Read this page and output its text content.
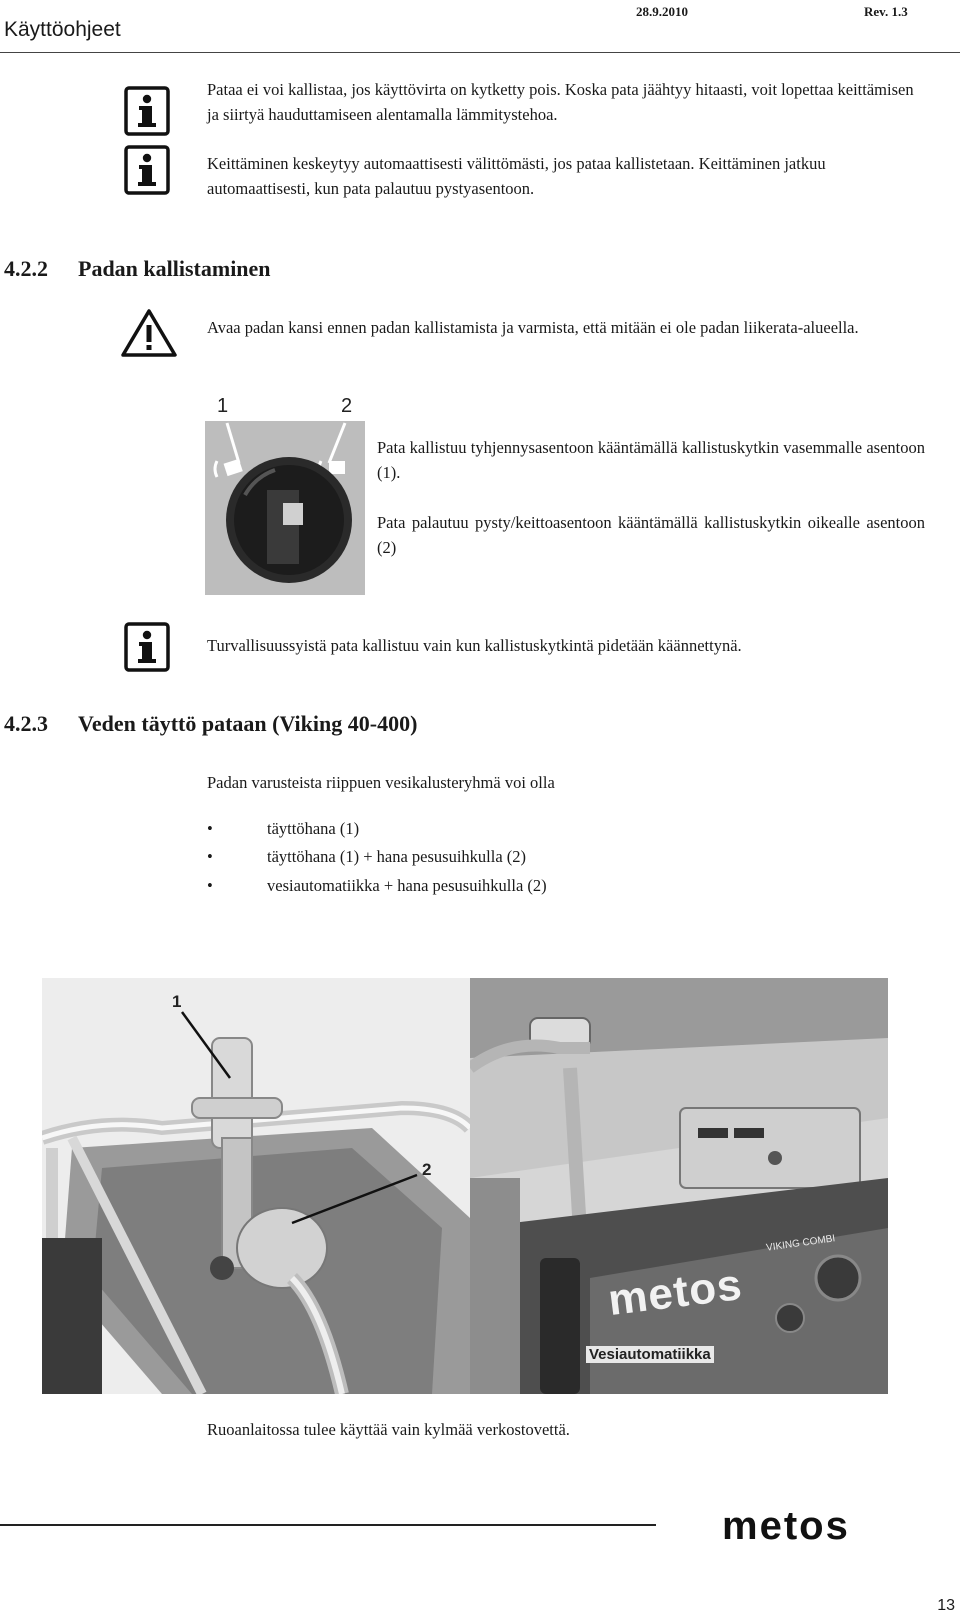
Käyttöohjeet
28.9.2010	Rev. 1.3
Pataa ei voi kallistaa, jos käyttövirta on kytketty pois. Koska pata jäähtyy hitaasti, voit lopettaa keittämisen ja siirtyä hauduttamiseen alentamalla lämmitystehoa.
Keittäminen keskeytyy automaattisesti välittömästi, jos pataa kallistetaan. Keittäminen jatkuu automaattisesti, kun pata palautuu pystyasentoon.
4.2.2 Padan kallistaminen
Avaa padan kansi ennen padan kallistamista ja varmista, että mitään ei ole padan liikerata-alueella.
1	2
Pata kallistuu tyhjennysasentoon kääntämällä kallistuskytkin vasemmalle asentoon (1).
Pata palautuu pysty/keittoasentoon kääntämällä kallistuskytkin oikealle asentoon (2)
Turvallisuussyistä pata kallistuu vain kun kallistuskytkintä pidetään käännettynä.
4.2.3 Veden täyttö pataan (Viking 40-400)
Padan varusteista riippuen vesikalusteryhmä voi olla
•	täyttöhana (1)
•	täyttöhana (1) + hana pesusuihkulla (2)
•	vesiautomatiikka + hana pesusuihkulla (2)
1
2
metos
VIKING COMBI
Vesiautomatiikka
Ruoanlaitossa tulee käyttää vain kylmää verkostovettä.
metos
13
